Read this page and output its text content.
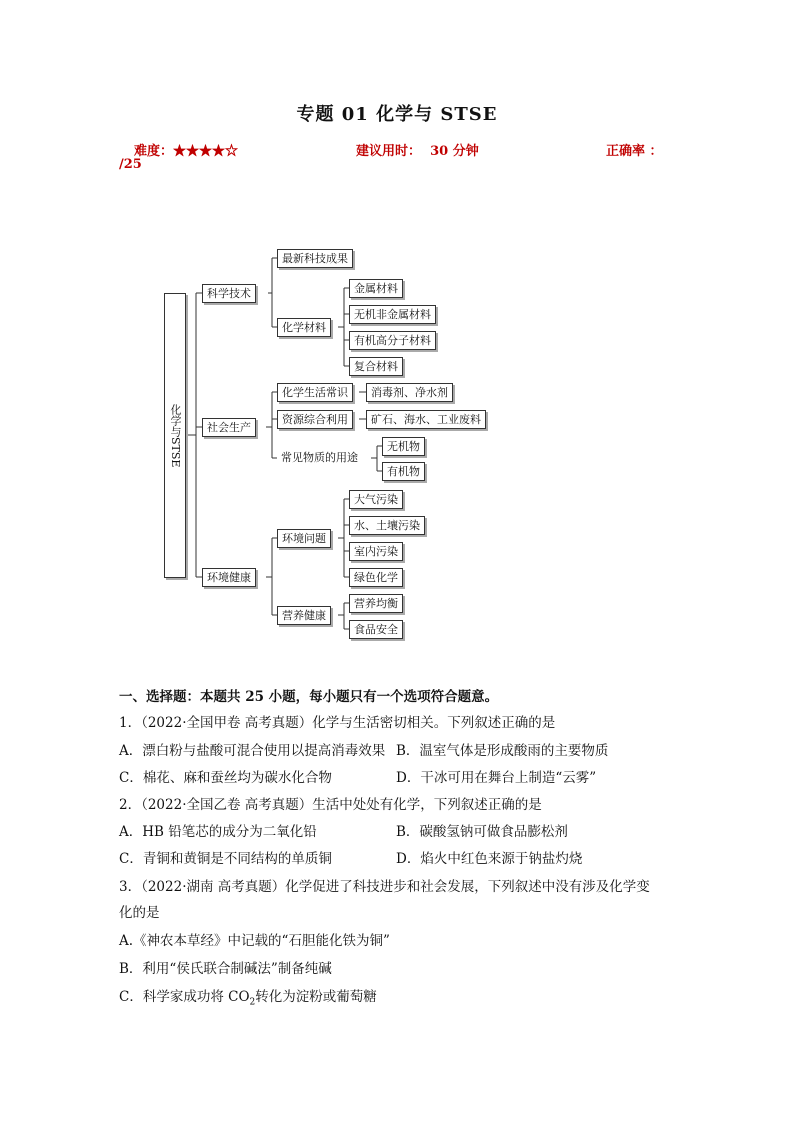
专题 01 化学与 STSE
难度：★★★★☆	建议用时： 30 分钟	正确率 ：
/25
化学与STSE
科学技术
最新科技成果
化学材料
金属材料
无机非金属材料
有机高分子材料
复合材料
社会生产
化学生活常识	消毒剂、净水剂
资源综合利用	矿石、海水、工业废料
常见物质的用途
无机物
有机物
环境健康
环境问题
大气污染
水、土壤污染
室内污染
绿色化学
营养健康
营养均衡
食品安全
一、选择题：本题共 25 小题，每小题只有一个选项符合题意。
1．（2022·全国甲卷 高考真题）化学与生活密切相关。下列叙述正确的是
A．漂白粉与盐酸可混合使用以提高消毒效果 B．温室气体是形成酸雨的主要物质
C．棉花、麻和蚕丝均为碳水化合物	D．干冰可用在舞台上制造“云雾”
2．（2022·全国乙卷 高考真题）生活中处处有化学，下列叙述正确的是
A．HB 铅笔芯的成分为二氧化铅	B．碳酸氢钠可做食品膨松剂
C．青铜和黄铜是不同结构的单质铜	D．焰火中红色来源于钠盐灼烧
3．（2022·湖南 高考真题）化学促进了科技进步和社会发展，下列叙述中没有涉及化学变
化的是
A.《神农本草经》中记载的“石胆能化铁为铜”
B．利用“侯氏联合制碱法”制备纯碱
C．科学家成功将 $CO_2$转化为淀粉或葡萄糖
